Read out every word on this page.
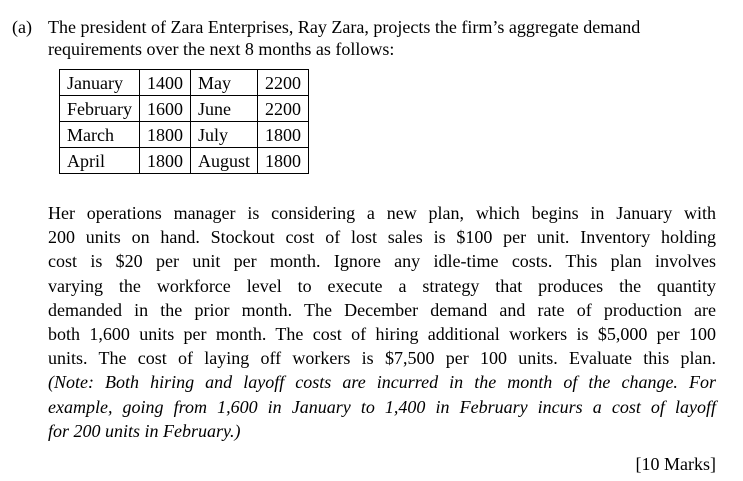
(a) The president of Zara Enterprises, Ray Zara, projects the firm’s aggregate demand
requirements over the next 8 months as follows:
January	1400	May	2200
February	1600	June	2200
March	1800	July	1800
April	1800	August	1800
Her operations manager is considering a new plan, which begins in January with
200 units on hand. Stockout cost of lost sales is $100 per unit. Inventory holding
cost is $20 per unit per month. Ignore any idle-time costs. This plan involves
varying the workforce level to execute a strategy that produces the quantity
demanded in the prior month. The December demand and rate of production are
both 1,600 units per month. The cost of hiring additional workers is $5,000 per 100
units. The cost of laying off workers is $7,500 per 100 units. Evaluate this plan.
(Note: Both hiring and layoff costs are incurred in the month of the change. For
example, going from 1,600 in January to 1,400 in February incurs a cost of layoff
for 200 units in February.)
[10 Marks]
